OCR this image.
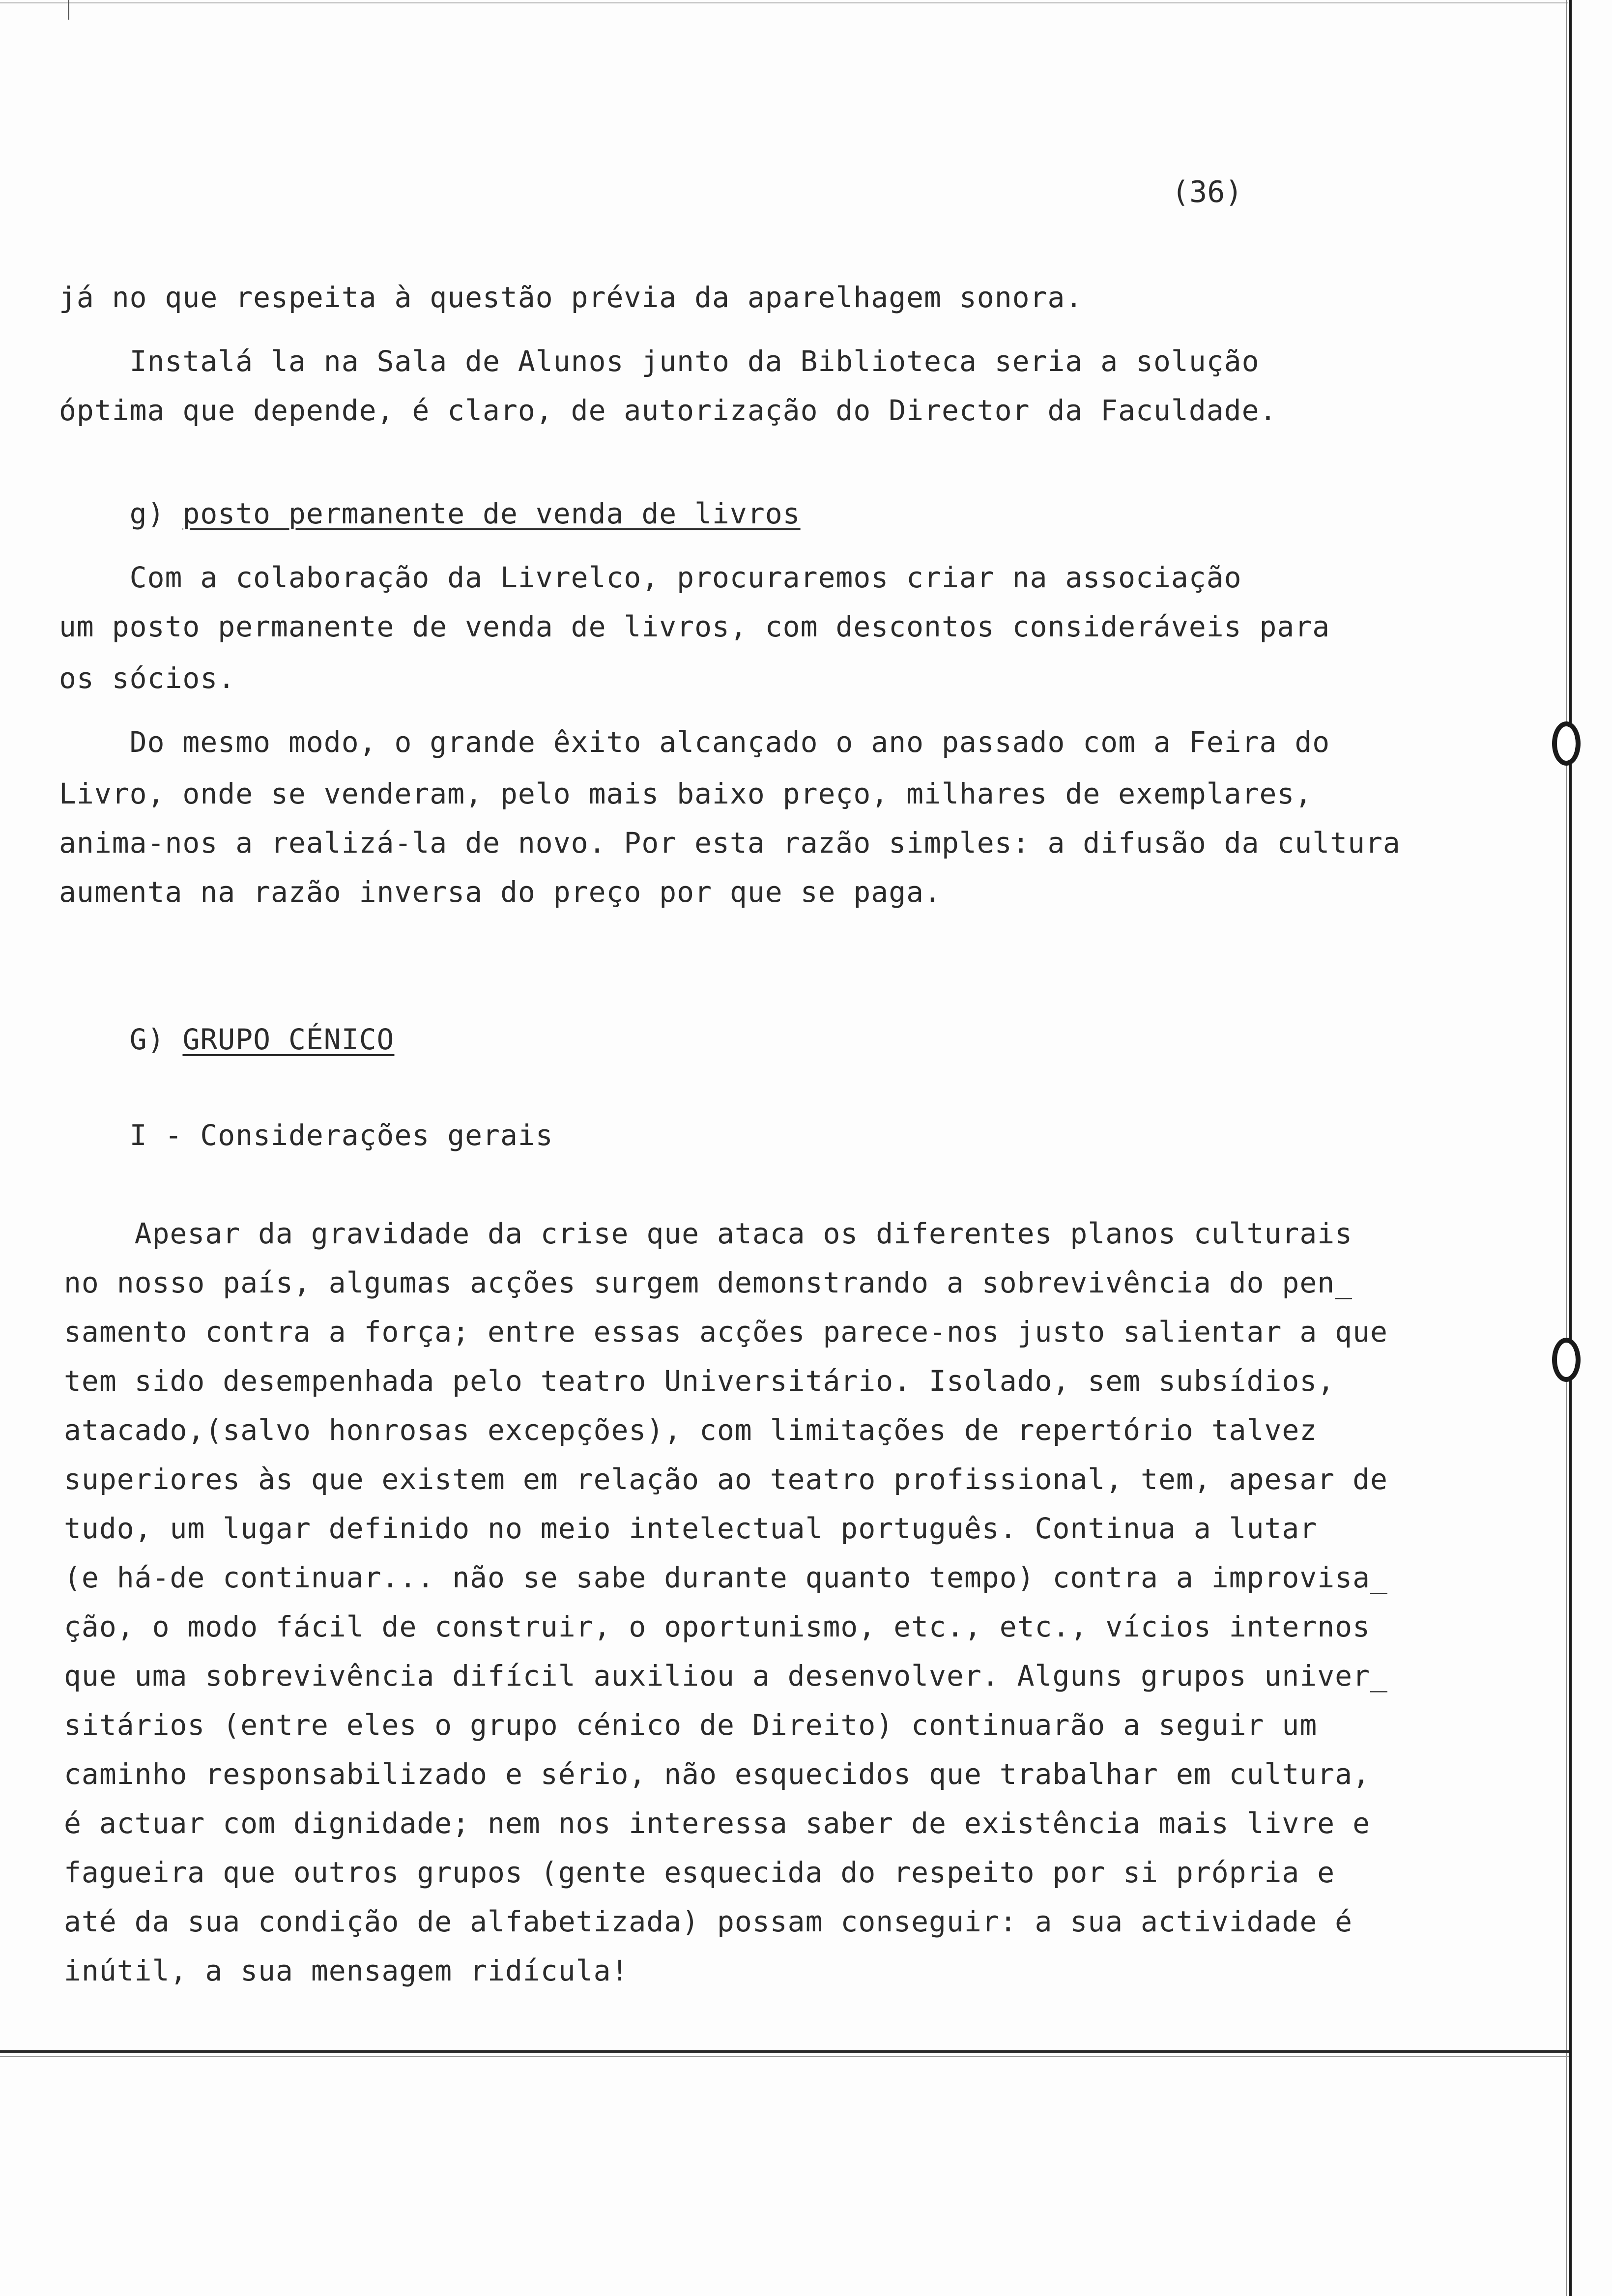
(36)
já no que respeita à questão prévia da aparelhagem sonora.
Instalá la na Sala de Alunos junto da Biblioteca seria a solução
óptima que depende, é claro, de autorização do Director da Faculdade.
g) posto permanente de venda de livros
Com a colaboração da Livrelco, procuraremos criar na associação
um posto permanente de venda de livros, com descontos consideráveis para
os sócios.
Do mesmo modo, o grande êxito alcançado o ano passado com a Feira do
Livro, onde se venderam, pelo mais baixo preço, milhares de exemplares,
anima-nos a realizá-la de novo. Por esta razão simples: a difusão da cultura
aumenta na razão inversa do preço por que se paga.
G) GRUPO CÉNICO
I - Considerações gerais
Apesar da gravidade da crise que ataca os diferentes planos culturais
no nosso país, algumas acções surgem demonstrando a sobrevivência do pen_
samento contra a força; entre essas acções parece-nos justo salientar a que
tem sido desempenhada pelo teatro Universitário. Isolado, sem subsídios,
atacado,(salvo honrosas excepções), com limitações de repertório talvez
superiores às que existem em relação ao teatro profissional, tem, apesar de
tudo, um lugar definido no meio intelectual português. Continua a lutar
(e há-de continuar... não se sabe durante quanto tempo) contra a improvisa_
ção, o modo fácil de construir, o oportunismo, etc., etc., vícios internos
que uma sobrevivência difícil auxiliou a desenvolver. Alguns grupos univer_
sitários (entre eles o grupo cénico de Direito) continuarão a seguir um
caminho responsabilizado e sério, não esquecidos que trabalhar em cultura,
é actuar com dignidade; nem nos interessa saber de existência mais livre e
fagueira que outros grupos (gente esquecida do respeito por si própria e
até da sua condição de alfabetizada) possam conseguir: a sua actividade é
inútil, a sua mensagem ridícula!
